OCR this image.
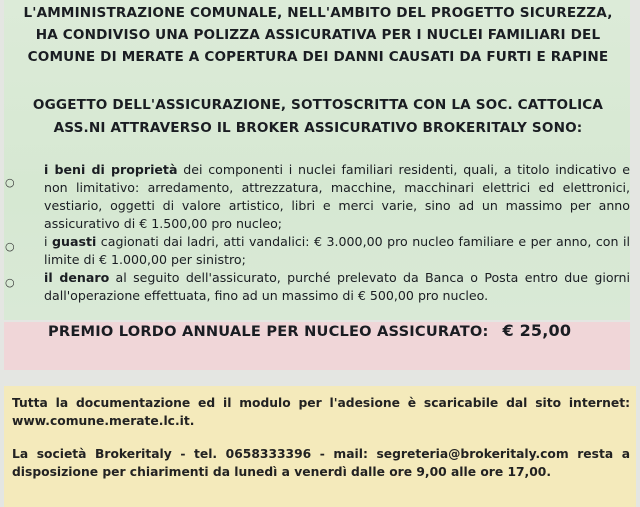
L'AMMINISTRAZIONE COMUNALE, NELL'AMBITO DEL PROGETTO SICUREZZA,
HA CONDIVISO UNA POLIZZA ASSICURATIVA PER I NUCLEI FAMILIARI DEL
COMUNE DI MERATE A COPERTURA DEI DANNI CAUSATI DA FURTI E RAPINE
OGGETTO DELL'ASSICURAZIONE, SOTTOSCRITTA CON LA SOC. CATTOLICA
ASS.NI ATTRAVERSO IL BROKER ASSICURATIVO BROKERITALY SONO:
○
○
○
i beni di proprietà dei componenti i nuclei familiari residenti, quali, a titolo indicativo e non limitativo: arredamento, attrezzatura, macchine, macchinari elettrici ed elettronici, vestiario, oggetti di valore artistico, libri e merci varie, sino ad un massimo per anno assicurativo di € 1.500,00 pro nucleo;
i guasti cagionati dai ladri, atti vandalici: € 3.000,00 pro nucleo familiare e per anno, con il limite di € 1.000,00 per sinistro;
il denaro al seguito dell'assicurato, purché prelevato da Banca o Posta entro due giorni dall'operazione effettuata, fino ad un massimo di € 500,00 pro nucleo.
PREMIO LORDO ANNUALE PER NUCLEO ASSICURATO: € 25,00
Tutta la documentazione ed il modulo per l'adesione è scaricabile dal sito internet: www.comune.merate.lc.it.
La società Brokeritaly - tel. 0658333396 - mail: segreteria@brokeritaly.com resta a disposizione per chiarimenti da lunedì a venerdì dalle ore 9,00 alle ore 17,00.
